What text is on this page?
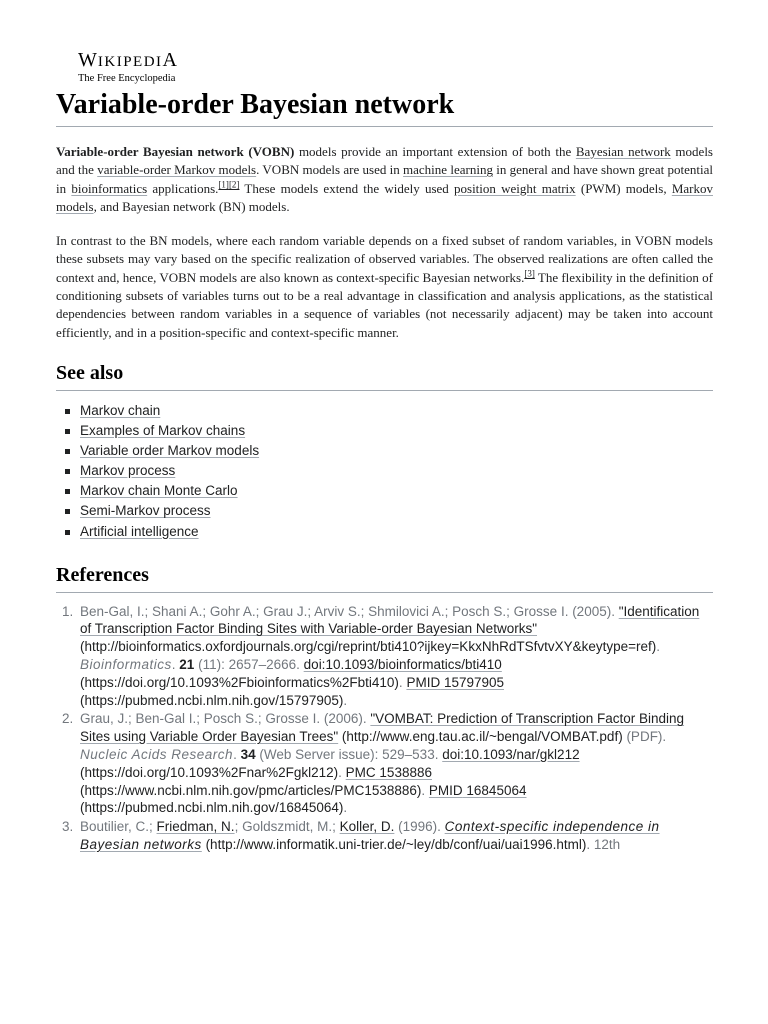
WIKIPEDIA
The Free Encyclopedia
Variable-order Bayesian network

Variable-order Bayesian network (VOBN) models provide an important extension of both the Bayesian network models and the variable-order Markov models. VOBN models are used in machine learning in general and have shown great potential in bioinformatics applications.[1][2] These models extend the widely used position weight matrix (PWM) models, Markov models, and Bayesian network (BN) models.

In contrast to the BN models, where each random variable depends on a fixed subset of random variables, in VOBN models these subsets may vary based on the specific realization of observed variables. The observed realizations are often called the context and, hence, VOBN models are also known as context-specific Bayesian networks.[3] The flexibility in the definition of conditioning subsets of variables turns out to be a real advantage in classification and analysis applications, as the statistical dependencies between random variables in a sequence of variables (not necessarily adjacent) may be taken into account efficiently, and in a position-specific and context-specific manner.

See also
Markov chain
Examples of Markov chains
Variable order Markov models
Markov process
Markov chain Monte Carlo
Semi-Markov process
Artificial intelligence
References
1. Ben-Gal, I.; Shani A.; Gohr A.; Grau J.; Arviv S.; Shmilovici A.; Posch S.; Grosse I. (2005). "Identification of Transcription Factor Binding Sites with Variable-order Bayesian Networks" (http://bioinformatics.oxfordjournals.org/cgi/reprint/bti410?ijkey=KkxNhRdTSfvtvXY&keytype=ref). Bioinformatics. 21 (11): 2657–2666. doi:10.1093/bioinformatics/bti410 (https://doi.org/10.1093%2Fbioinformatics%2Fbti410). PMID 15797905 (https://pubmed.ncbi.nlm.nih.gov/15797905).
2. Grau, J.; Ben-Gal I.; Posch S.; Grosse I. (2006). "VOMBAT: Prediction of Transcription Factor Binding Sites using Variable Order Bayesian Trees" (http://www.eng.tau.ac.il/~bengal/VOMBAT.pdf) (PDF). Nucleic Acids Research. 34 (Web Server issue): 529–533. doi:10.1093/nar/gkl212 (https://doi.org/10.1093%2Fnar%2Fgkl212). PMC 1538886 (https://www.ncbi.nlm.nih.gov/pmc/articles/PMC1538886). PMID 16845064 (https://pubmed.ncbi.nlm.nih.gov/16845064).
3. Boutilier, C.; Friedman, N.; Goldszmidt, M.; Koller, D. (1996). Context-specific independence in Bayesian networks (http://www.informatik.uni-trier.de/~ley/db/conf/uai/uai1996.html). 12th
